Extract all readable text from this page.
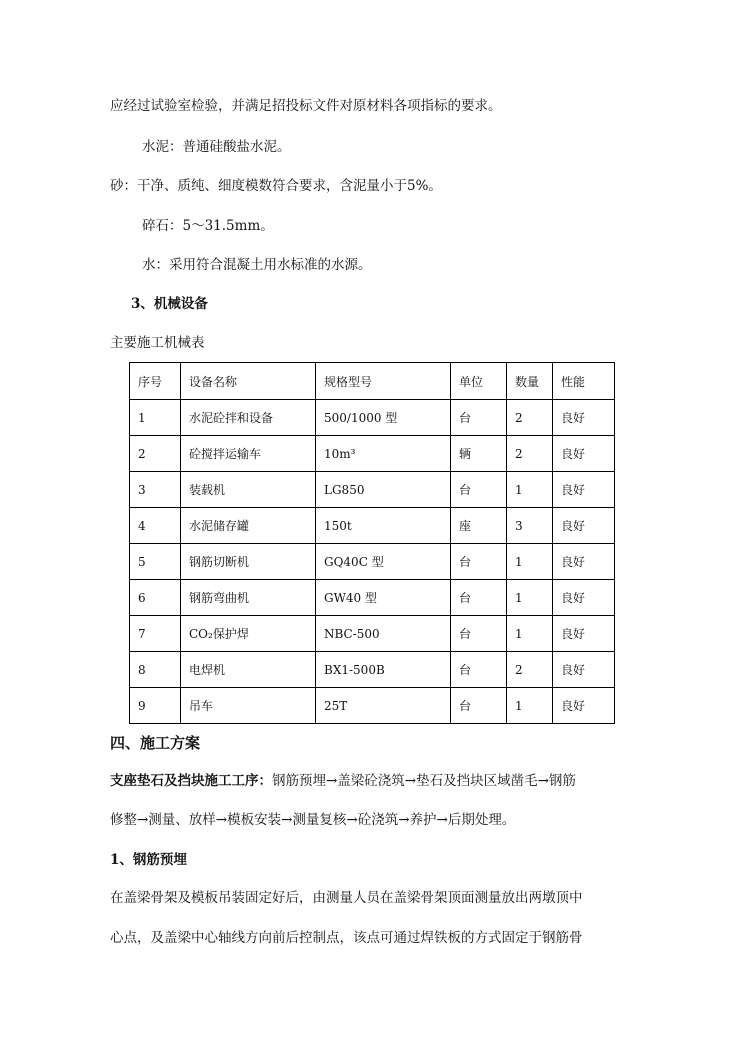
应经过试验室检验，并满足招投标文件对原材料各项指标的要求。
水泥：普通硅酸盐水泥。
砂：干净、质纯、细度模数符合要求，含泥量小于5%。
碎石：5～31.5mm。
水：采用符合混凝土用水标准的水源。
3、机械设备
主要施工机械表
序号	设备名称	规格型号	单位	数量	性能
1	水泥砼拌和设备	500/1000 型	台	2	良好
2	砼搅拌运输车	10m³	辆	2	良好
3	装载机	LG850	台	1	良好
4	水泥储存罐	150t	座	3	良好
5	钢筋切断机	GQ40C 型	台	1	良好
6	钢筋弯曲机	GW40 型	台	1	良好
7	CO₂保护焊	NBC-500	台	1	良好
8	电焊机	BX1-500B	台	2	良好
9	吊车	25T	台	1	良好
四、施工方案
支座垫石及挡块施工工序：钢筋预埋→盖梁砼浇筑→垫石及挡块区域凿毛→钢筋
修整→测量、放样→模板安装→测量复核→砼浇筑→养护→后期处理。
1、钢筋预埋
在盖梁骨架及模板吊装固定好后，由测量人员在盖梁骨架顶面测量放出两墩顶中
心点，及盖梁中心轴线方向前后控制点，该点可通过焊铁板的方式固定于钢筋骨
